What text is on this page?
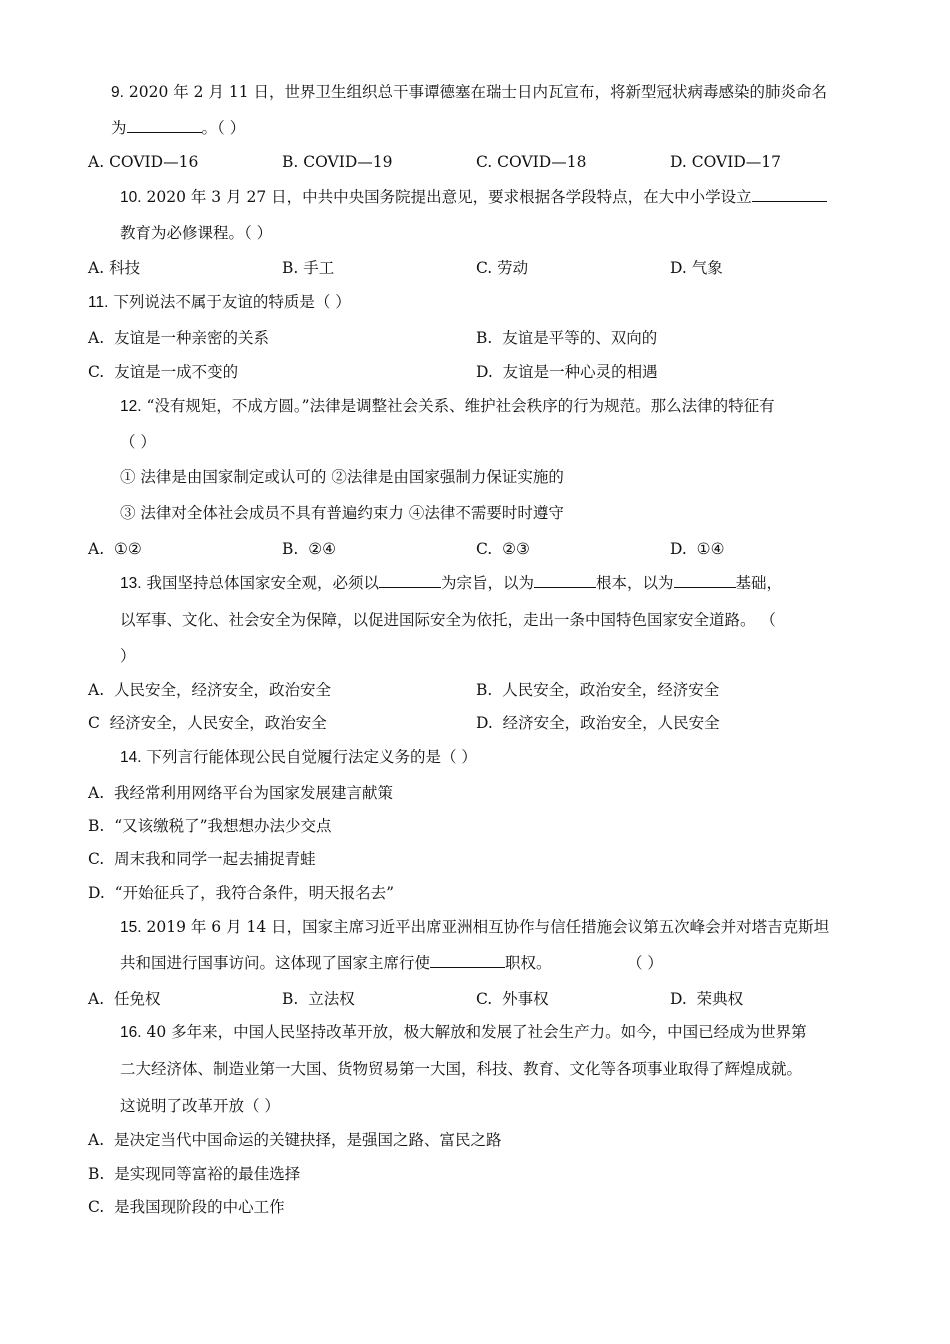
9. 2020 年 2 月 11 日，世界卫生组织总干事谭德塞在瑞士日内瓦宣布，将新型冠状病毒感染的肺炎命名
为	。（ ）
A. COVID—16	B. COVID—19	C. COVID—18	D. COVID—17
10. 2020 年 3 月 27 日，中共中央国务院提出意见，要求根据各学段特点，在大中小学设立
教育为必修课程。（ ）
A. 科技	B. 手工	C. 劳动	D. 气象
11. 下列说法不属于友谊的特质是（ ）
A. 友谊是一种亲密的关系	B. 友谊是平等的、双向的
C. 友谊是一成不变的	D. 友谊是一种心灵的相遇
12. “没有规矩，不成方圆。”法律是调整社会关系、维护社会秩序的行为规范。那么法律的特征有
（ ）
① 法律是由国家制定或认可的 ②法律是由国家强制力保证实施的
③ 法律对全体社会成员不具有普遍约束力 ④法律不需要时时遵守
A. ①②	B. ②④	C. ②③	D. ①④
13. 我国坚持总体国家安全观，必须以	为宗旨，以为	根本，以为	基础，
以军事、文化、社会安全为保障，以促进国际安全为依托，走出一条中国特色国家安全道路。 （
）
A. 人民安全，经济安全，政治安全	B. 人民安全，政治安全，经济安全
C 经济安全，人民安全，政治安全	D. 经济安全，政治安全，人民安全
14. 下列言行能体现公民自觉履行法定义务的是（ ）
A. 我经常利用网络平台为国家发展建言献策
B. “又该缴税了”我想想办法少交点
C. 周末我和同学一起去捕捉青蛙
D. “开始征兵了，我符合条件，明天报名去”
15. 2019 年 6 月 14 日，国家主席习近平出席亚洲相互协作与信任措施会议第五次峰会并对塔吉克斯坦
共和国进行国事访问。这体现了国家主席行使	职权。	（ ）
A. 任免权	B. 立法权	C. 外事权	D. 荣典权
16. 40 多年来，中国人民坚持改革开放，极大解放和发展了社会生产力。如今，中国已经成为世界第
二大经济体、制造业第一大国、货物贸易第一大国，科技、教育、文化等各项事业取得了辉煌成就。
这说明了改革开放（ ）
A. 是决定当代中国命运的关键抉择，是强国之路、富民之路
B. 是实现同等富裕的最佳选择
C. 是我国现阶段的中心工作
